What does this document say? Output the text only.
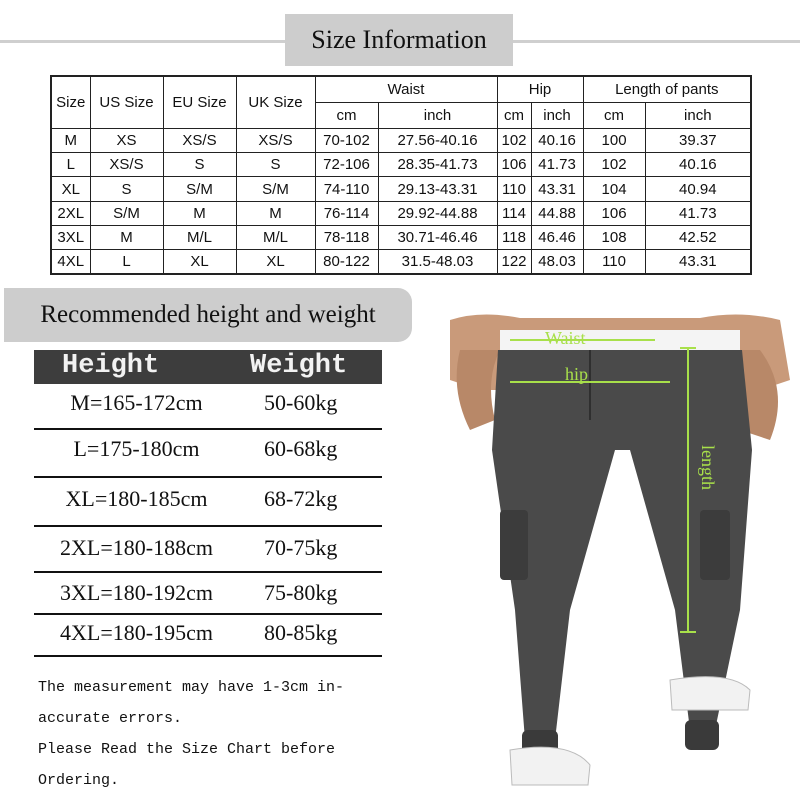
Size Information
Size	US Size	EU Size	UK Size	Waist		Hip		Length of pants	
				cm	inch	cm	inch	cm	inch
M	XS	XS/S	XS/S	70-102	27.56-40.16	102	40.16	100	39.37
L	XS/S	S	S	72-106	28.35-41.73	106	41.73	102	40.16
XL	S	S/M	S/M	74-110	29.13-43.31	110	43.31	104	40.94
2XL	S/M	M	M	76-114	29.92-44.88	114	44.88	106	41.73
3XL	M	M/L	M/L	78-118	30.71-46.46	118	46.46	108	42.52
4XL	L	XL	XL	80-122	31.5-48.03	122	48.03	110	43.31
Recommended height and weight
Height	Weight
M=165-172cm	50-60kg
L=175-180cm	60-68kg
XL=180-185cm	68-72kg
2XL=180-188cm	70-75kg
3XL=180-192cm	75-80kg
4XL=180-195cm	80-85kg

The measurement may have 1-3cm in-

accurate errors.

Please Read the Size Chart before

Ordering.

Waist
hip
length
